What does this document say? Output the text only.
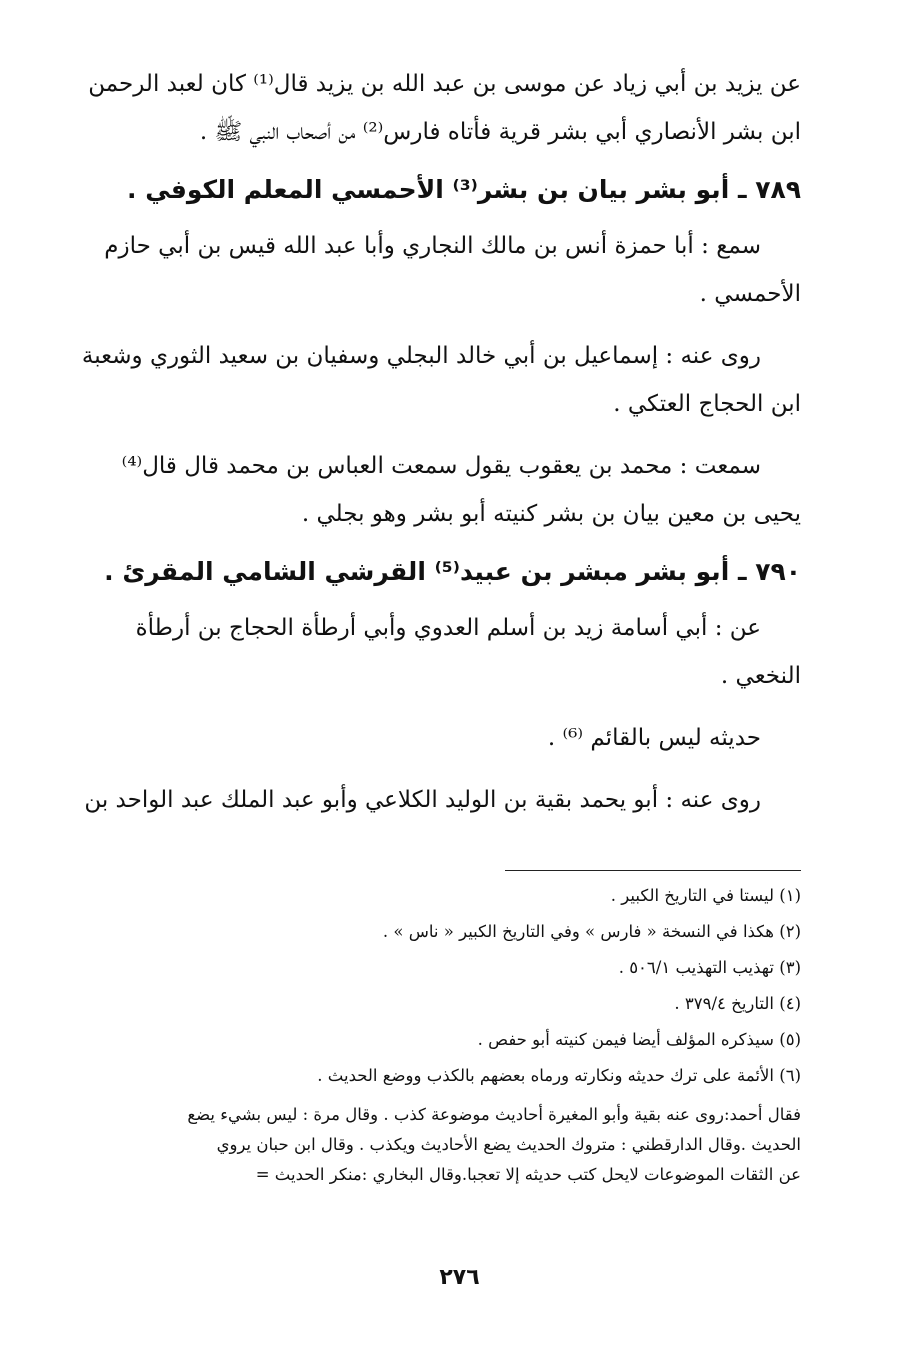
عن يزيد بن أبي زياد عن موسى بن عبد الله بن يزيد قال⁽¹⁾ كان لعبد الرحمن
ابن بشر الأنصاري أبي بشر قرية فأتاه فارس⁽²⁾ من أصحاب النبي ﷺ .

٧٨٩ ـ أبو بشر بيان بن بشر⁽³⁾ الأحمسي المعلم الكوفي .

سمع : أبا حمزة أنس بن مالك النجاري وأبا عبد الله قيس بن أبي حازم
الأحمسي .

روى عنه : إسماعيل بن أبي خالد البجلي وسفيان بن سعيد الثوري وشعبة
ابن الحجاج العتكي .

سمعت : محمد بن يعقوب يقول سمعت العباس بن محمد قال قال⁽⁴⁾
يحيى بن معين بيان بن بشر كنيته أبو بشر وهو بجلي .

٧٩٠ ـ أبو بشر مبشر بن عبيد⁽⁵⁾ القرشي الشامي المقرئ .

عن : أبي أسامة زيد بن أسلم العدوي وأبي أرطأة الحجاج بن أرطأة
النخعي .

حديثه ليس بالقائم ⁽⁶⁾ .

روى عنه : أبو يحمد بقية بن الوليد الكلاعي وأبو عبد الملك عبد الواحد بن

(١) ليستا في التاريخ الكبير .

(٢) هكذا في النسخة « فارس » وفي التاريخ الكبير « ناس » .

(٣) تهذيب التهذيب ٥٠٦/١ .

(٤) التاريخ ٣٧٩/٤ .

(٥) سيذكره المؤلف أيضا فيمن كنيته أبو حفص .

(٦) الأئمة على ترك حديثه ونكارته ورماه بعضهم بالكذب ووضع الحديث .

فقال أحمد:روى عنه بقية وأبو المغيرة أحاديث موضوعة كذب . وقال مرة : ليس بشيء يضع
الحديث .وقال الدارقطني : متروك الحديث يضع الأحاديث ويكذب . وقال ابن حبان يروي
عن الثقات الموضوعات لايحل كتب حديثه إلا تعجبا.وقال البخاري :منكر الحديث =

٢٧٦
